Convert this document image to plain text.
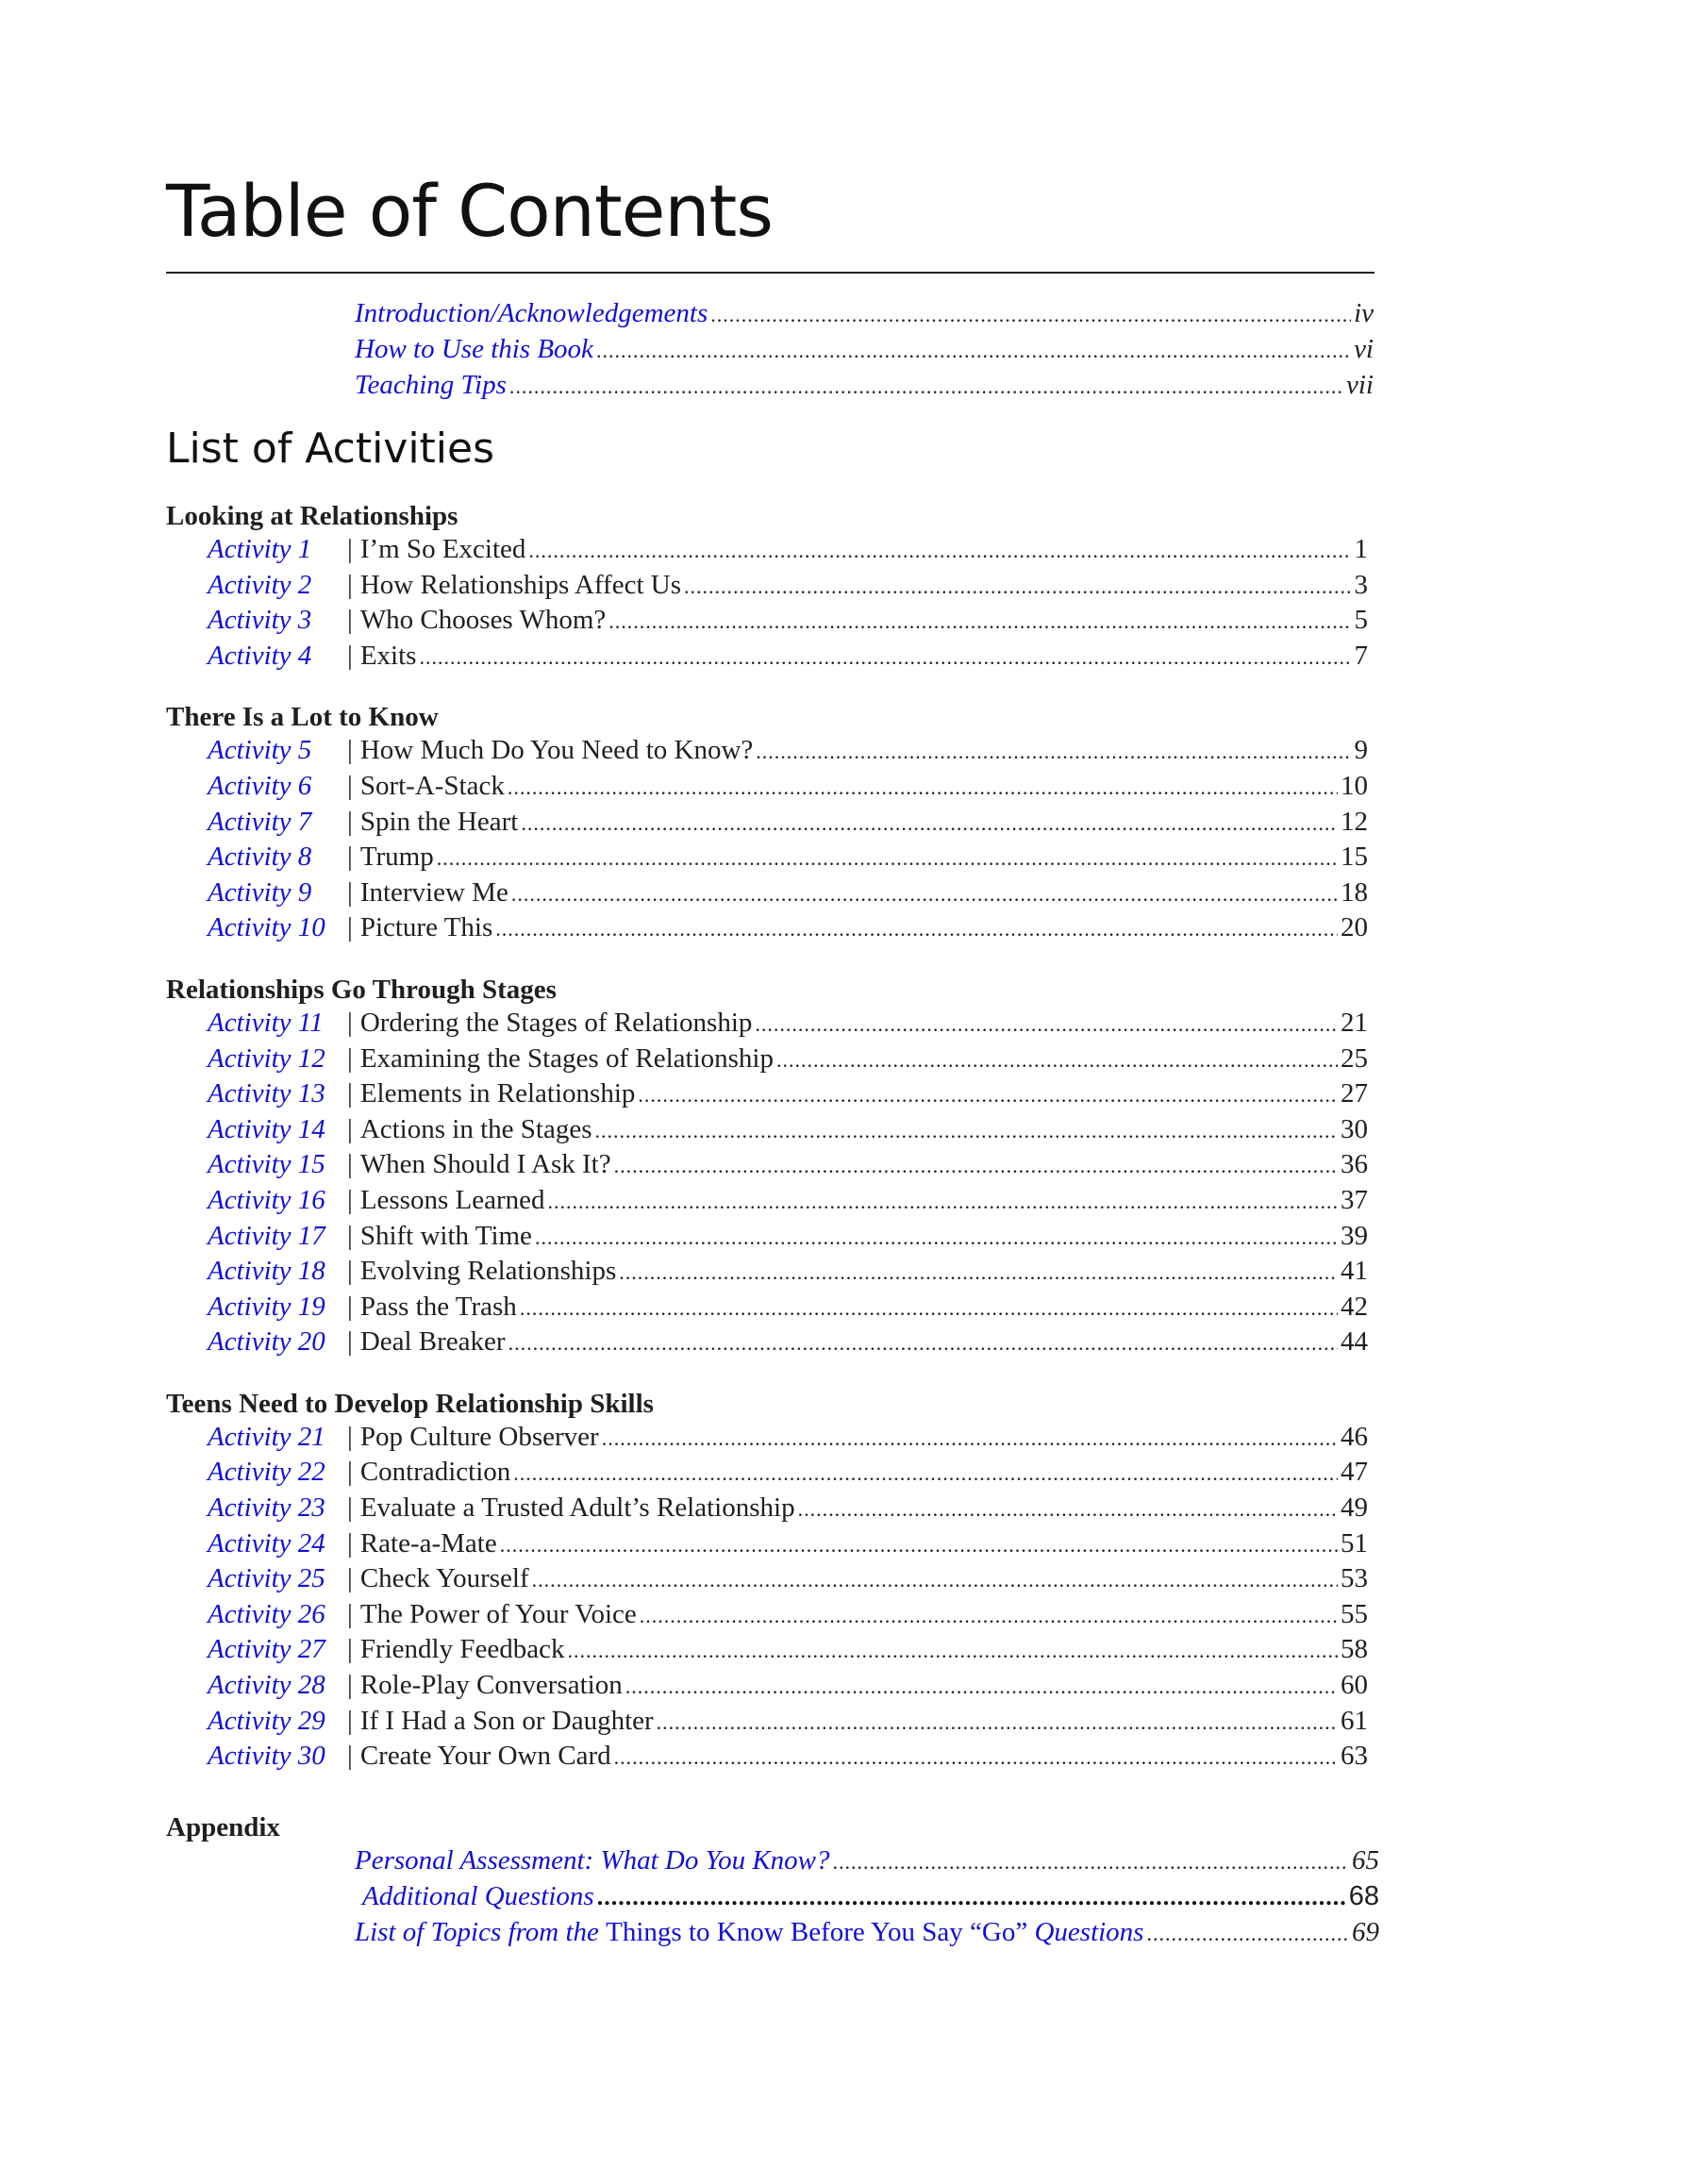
Table of Contents
Introduction/Acknowledgements .....	iv
How to Use this Book .....	vi
Teaching Tips .....	vii
List of Activities
Looking at Relationships
Activity 1	| I’m So Excited .....	1
Activity 2	| How Relationships Affect Us .....	3
Activity 3	| Who Chooses Whom? .....	5
Activity 4	| Exits .....	7
There Is a Lot to Know
Activity 5	| How Much Do You Need to Know? .....	9
Activity 6	| Sort-A-Stack .....	10
Activity 7	| Spin the Heart .....	12
Activity 8	| Trump .....	15
Activity 9	| Interview Me .....	18
Activity 10 | Picture This .....	20
Relationships Go Through Stages
Activity 11 | Ordering the Stages of Relationship .....	21
Activity 12 | Examining the Stages of Relationship .....	25
Activity 13 | Elements in Relationship .....	27
Activity 14 | Actions in the Stages .....	30
Activity 15 | When Should I Ask It? .....	36
Activity 16 | Lessons Learned .....	37
Activity 17 | Shift with Time .....	39
Activity 18 | Evolving Relationships .....	41
Activity 19 | Pass the Trash .....	42
Activity 20 | Deal Breaker .....	44
Teens Need to Develop Relationship Skills
Activity 21 | Pop Culture Observer .....	46
Activity 22 | Contradiction .....	47
Activity 23 | Evaluate a Trusted Adult’s Relationship .....	49
Activity 24 | Rate-a-Mate .....	51
Activity 25 | Check Yourself .....	53
Activity 26 | The Power of Your Voice .....	55
Activity 27 | Friendly Feedback .....	58
Activity 28 | Role-Play Conversation .....	60
Activity 29 | If I Had a Son or Daughter .....	61
Activity 30 | Create Your Own Card .....	63
Appendix
Personal Assessment: What Do You Know? .....	65
Additional Questions .....	68
List of Topics from the Things to Know Before You Say “Go” Questions .....	69
